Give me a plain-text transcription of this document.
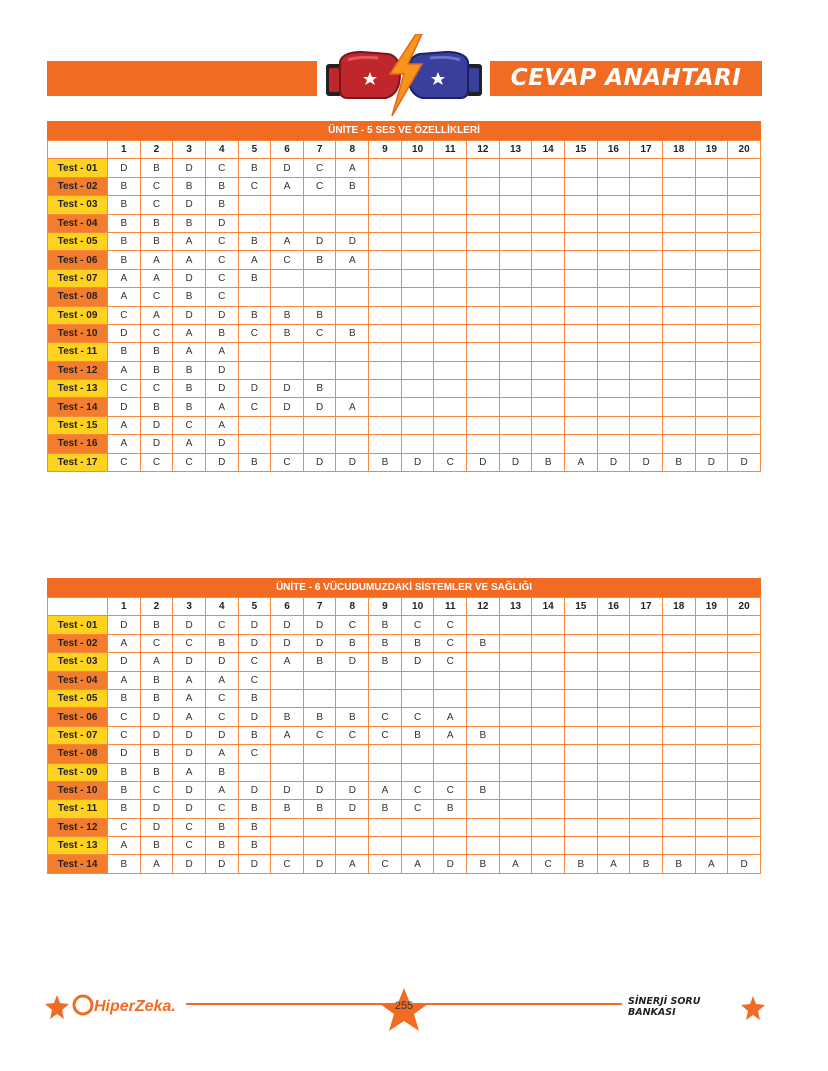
CEVAP ANAHTARI
ÜNİTE - 5 SES VE ÖZELLİKLERİ
	1	2	3	4	5	6	7	8	9	10	11	12	13	14	15	16	17	18	19	20
Test - 01	D	B	D	C	B	D	C	A												
Test - 02	B	C	B	B	C	A	C	B												
Test - 03	B	C	D	B																
Test - 04	B	B	B	D																
Test - 05	B	B	A	C	B	A	D	D												
Test - 06	B	A	A	C	A	C	B	A												
Test - 07	A	A	D	C	B															
Test - 08	A	C	B	C																
Test - 09	C	A	D	D	B	B	B													
Test - 10	D	C	A	B	C	B	C	B												
Test - 11	B	B	A	A																
Test - 12	A	B	B	D																
Test - 13	C	C	B	D	D	D	B													
Test - 14	D	B	B	A	C	D	D	A												
Test - 15	A	D	C	A																
Test - 16	A	D	A	D																
Test - 17	C	C	C	D	B	C	D	D	B	D	C	D	D	B	A	D	D	B	D	D
ÜNİTE - 6 VÜCUDUMUZDAKİ SİSTEMLER VE SAĞLIĞI
	1	2	3	4	5	6	7	8	9	10	11	12	13	14	15	16	17	18	19	20
Test - 01	D	B	D	C	D	D	D	C	B	C	C									
Test - 02	A	C	C	B	D	D	D	B	B	B	C	B								
Test - 03	D	A	D	D	C	A	B	D	B	D	C									
Test - 04	A	B	A	A	C															
Test - 05	B	B	A	C	B															
Test - 06	C	D	A	C	D	B	B	B	C	C	A									
Test - 07	C	D	D	D	B	A	C	C	C	B	A	B								
Test - 08	D	B	D	A	C															
Test - 09	B	B	A	B																
Test - 10	B	C	D	A	D	D	D	D	A	C	C	B								
Test - 11	B	D	D	C	B	B	B	D	B	C	B									
Test - 12	C	D	C	B	B															
Test - 13	A	B	C	B	B															
Test - 14	B	A	D	D	D	C	D	A	C	A	D	B	A	C	B	A	B	B	A	D
HiperZeka.	255	SİNERJİ SORU BANKASI
